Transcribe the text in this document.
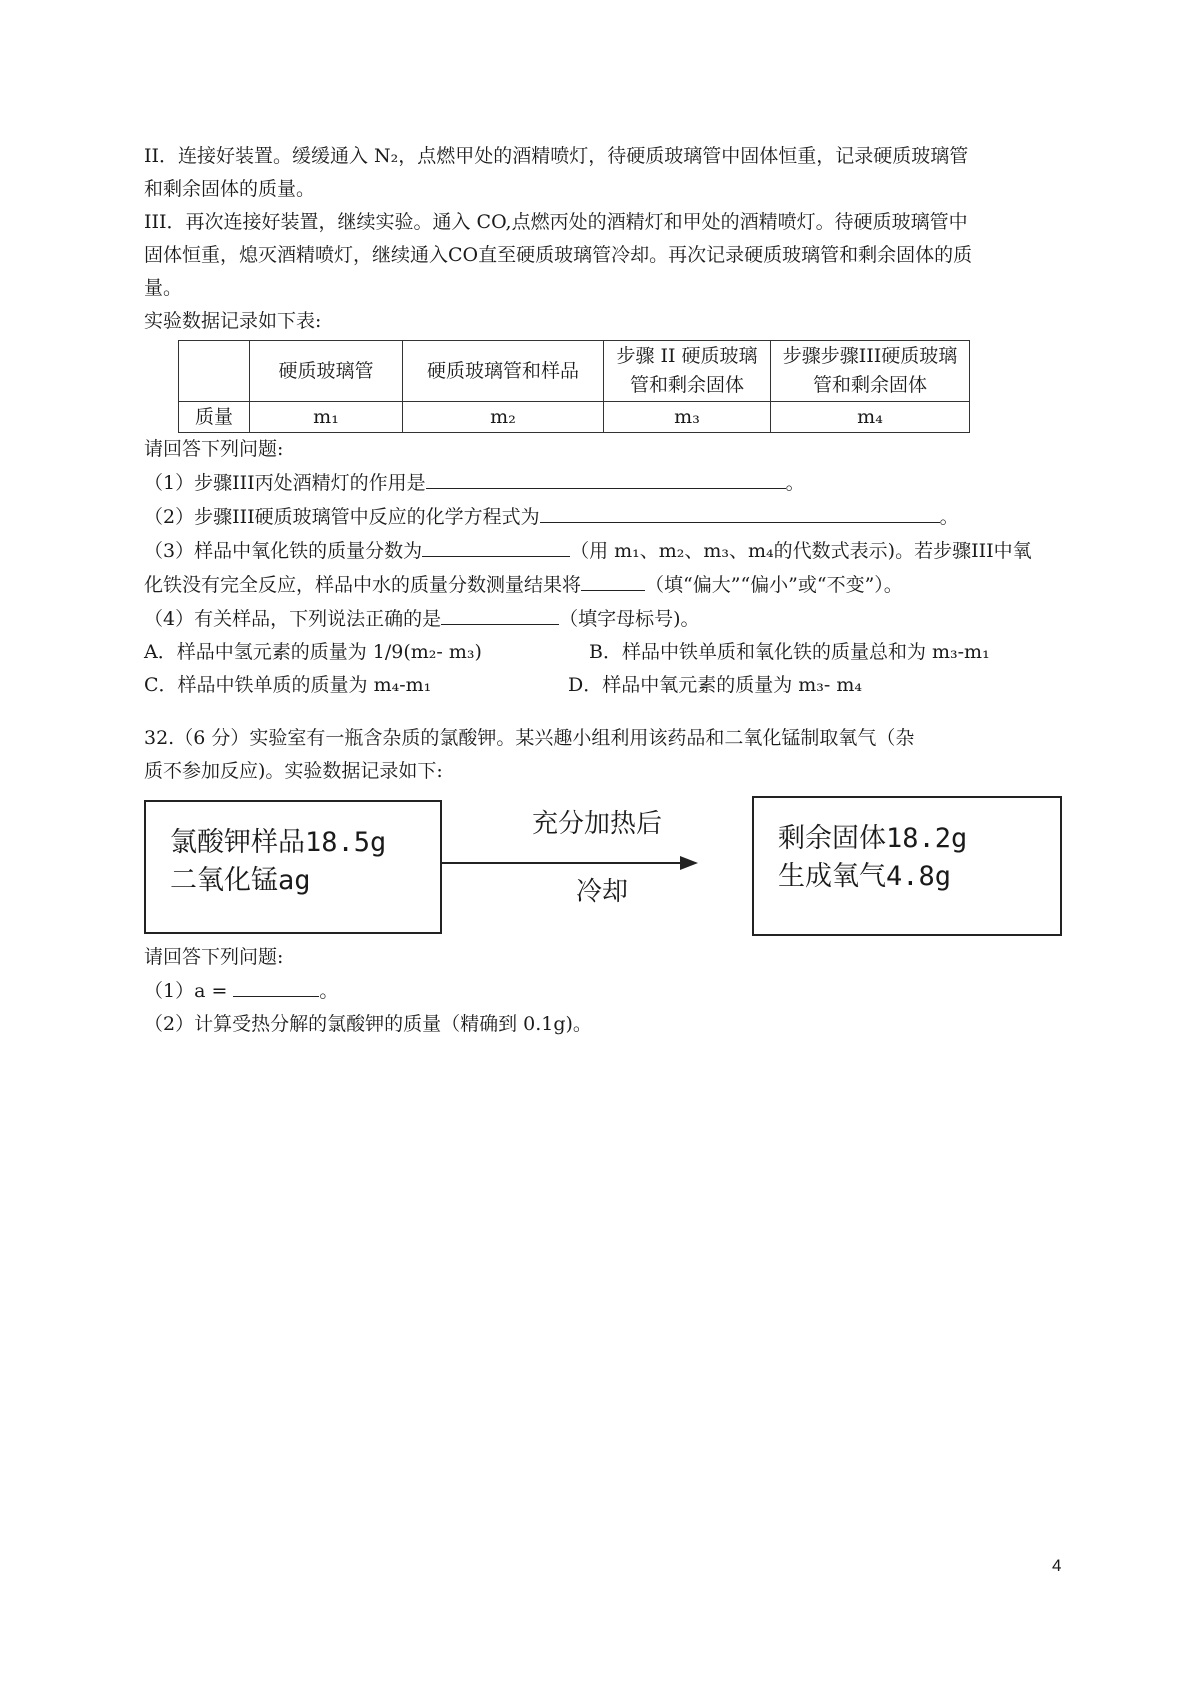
II．连接好装置。缓缓通入 N₂，点燃甲处的酒精喷灯，待硬质玻璃管中固体恒重，记录硬质玻璃管
和剩余固体的质量。
III．再次连接好装置，继续实验。通入 CO,点燃丙处的酒精灯和甲处的酒精喷灯。待硬质玻璃管中
固体恒重，熄灭酒精喷灯，继续通入CO直至硬质玻璃管冷却。再次记录硬质玻璃管和剩余固体的质
量。
实验数据记录如下表:
	硬质玻璃管	硬质玻璃管和样品	步骤 II 硬质玻璃
管和剩余固体	步骤步骤III硬质玻璃
管和剩余固体
质量	m₁	m₂	m₃	m₄
请回答下列问题:
（1）步骤III丙处酒精灯的作用是	。
（2）步骤III硬质玻璃管中反应的化学方程式为	。
（3）样品中氧化铁的质量分数为	（用 m₁、m₂、m₃、m₄的代数式表示)。若步骤III中氧
化铁没有完全反应，样品中水的质量分数测量结果将	（填“偏大”“偏小”或“不变”）。
（4）有关样品，下列说法正确的是	（填字母标号)。
A．样品中氢元素的质量为 1/9(m₂- m₃)	B．样品中铁单质和氧化铁的质量总和为 m₃-m₁
C．样品中铁单质的质量为 m₄-m₁	D．样品中氧元素的质量为 m₃- m₄
32.（6 分）实验室有一瓶含杂质的氯酸钾。某兴趣小组利用该药品和二氧化锰制取氧气（杂
质不参加反应)。实验数据记录如下:
氯酸钾样品18.5g
二氧化锰ag
充分加热后
冷却
剩余固体18.2g
生成氧气4.8g
请回答下列问题:
（1）a =	。
（2）计算受热分解的氯酸钾的质量（精确到 0.1g)。
4
